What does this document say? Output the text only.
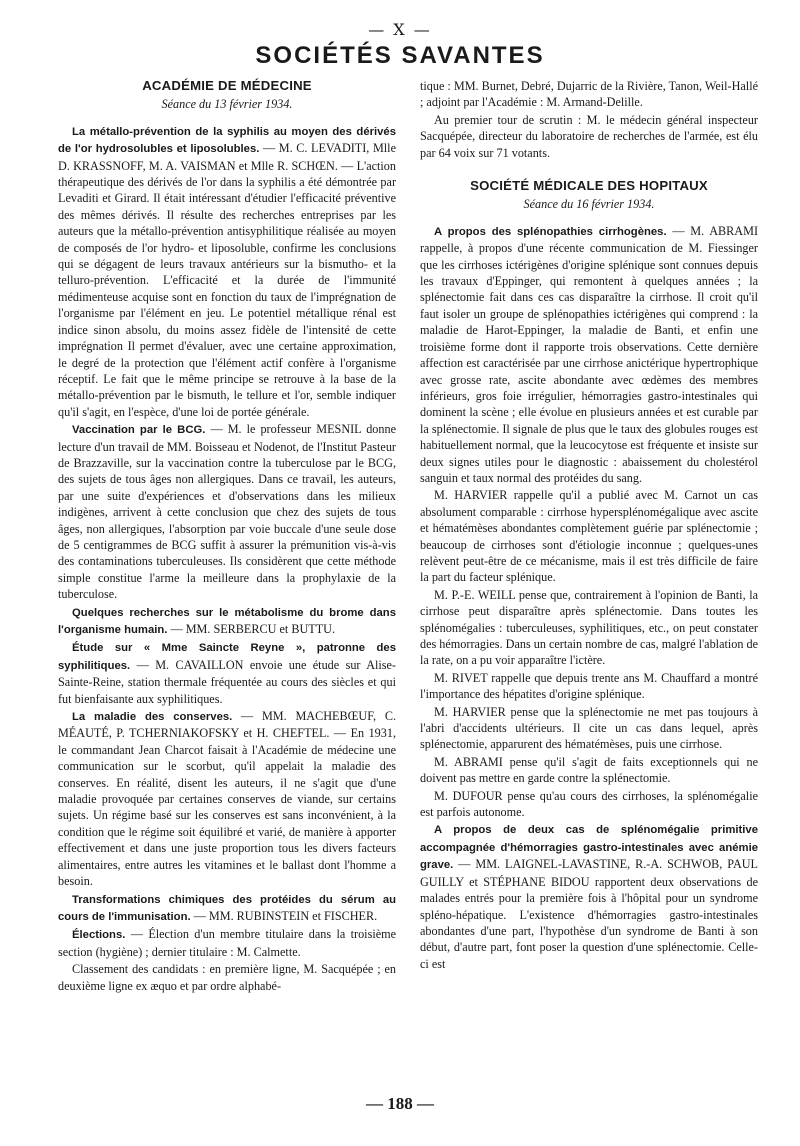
— X —
SOCIÉTÉS SAVANTES
ACADÉMIE DE MÉDECINE
Séance du 13 février 1934.

La métallo-prévention de la syphilis au moyen des dérivés de l'or hydrosolubles et liposolubles. — M. C. LEVADITI, Mlle D. KRASSNOFF, M. A. VAISMAN et Mlle R. SCHŒN. — L'action thérapeutique des dérivés de l'or dans la syphilis a été démontrée par Levaditi et Girard. Il était intéressant d'étudier l'efficacité préventive des mêmes dérivés. Il résulte des recherches entreprises par les auteurs que la métallo-prévention antisyphilitique réalisée au moyen de composés de l'or hydro- et liposoluble, confirme les conclusions qui se dégagent de leurs travaux antérieurs sur la bismutho- et la telluro-prévention. L'efficacité et la durée de l'immunité médimenteuse acquise sont en fonction du taux de l'imprégnation de l'organisme par l'élément en jeu. Le potentiel métallique rénal est indice sinon absolu, du moins assez fidèle de l'intensité de cette imprégnation Il permet d'évaluer, avec une certaine approximation, le degré de la protection que l'élément actif confère à l'organisme réceptif. Le fait que le même principe se retrouve à la base de la métallo-prévention par le bismuth, le tellure et l'or, semble indiquer qu'il s'agit, en l'espèce, d'une loi de portée générale.

Vaccination par le BCG. — M. le professeur MESNIL donne lecture d'un travail de MM. Boisseau et Nodenot, de l'Institut Pasteur de Brazzaville, sur la vaccination contre la tuberculose par le BCG, des sujets de tous âges non allergiques. Dans ce travail, les auteurs, par une suite d'expériences et d'observations dans les milieux indigènes, arrivent à cette conclusion que chez des sujets de tous âges, non allergiques, l'absorption par voie buccale d'une seule dose de 5 centigrammes de BCG suffit à assurer la prémunition vis-à-vis des contaminations tuberculeuses. Ils considèrent que cette méthode simple constitue l'arme la meilleure dans la prophylaxie de la tuberculose.

Quelques recherches sur le métabolisme du brome dans l'organisme humain. — MM. SERBERCU et BUTTU.

Étude sur « Mme Saincte Reyne », patronne des syphilitiques. — M. CAVAILLON envoie une étude sur Alise-Sainte-Reine, station thermale fréquentée au cours des siècles et qui fut bienfaisante aux syphilitiques.

La maladie des conserves. — MM. MACHEBŒUF, C. MÉAUTÉ, P. TCHERNIAKOFSKY et H. CHEFTEL. — En 1931, le commandant Jean Charcot faisait à l'Académie de médecine une communication sur le scorbut, qu'il appelait la maladie des conserves. En réalité, disent les auteurs, il ne s'agit que d'une maladie provoquée par certaines conserves de viande, sur certains sujets. Un régime basé sur les conserves est sans inconvénient, à la condition que le régime soit équilibré et varié, de manière à apporter effectivement et dans une juste proportion tous les divers facteurs alimentaires, entre autres les vitamines et le ballast dont l'homme a besoin.

Transformations chimiques des protéides du sérum au cours de l'immunisation. — MM. RUBINSTEIN et FISCHER.

Élections. — Élection d'un membre titulaire dans la troisième section (hygiène) ; dernier titulaire : M. Calmette.

Classement des candidats : en première ligne, M. Sacquépée ; en deuxième ligne ex æquo et par ordre alphabé-

tique : MM. Burnet, Debré, Dujarric de la Rivière, Tanon, Weil-Hallé ; adjoint par l'Académie : M. Armand-Delille.

Au premier tour de scrutin : M. le médecin général inspecteur Sacquépée, directeur du laboratoire de recherches de l'armée, est élu par 64 voix sur 71 votants.

SOCIÉTÉ MÉDICALE DES HOPITAUX
Séance du 16 février 1934.

A propos des splénopathies cirrhogènes. — M. ABRAMI rappelle, à propos d'une récente communication de M. Fiessinger que les cirrhoses ictérigènes d'origine splénique sont connues depuis les travaux d'Eppinger, qui remontent à quelques années ; la splénectomie fait dans ces cas disparaître la cirrhose. Il croit qu'il faut isoler un groupe de splénopathies ictérigènes qui comprend : la maladie de Harot-Eppinger, la maladie de Banti, et enfin une troisième forme dont il rapporte trois observations. Cette dernière affection est caractérisée par une cirrhose anictérique hypertrophique avec grosse rate, ascite abondante avec œdèmes des membres inférieurs, gros foie irrégulier, hémorragies gastro-intestinales qui dominent la scène ; elle évolue en plusieurs années et est curable par la splénectomie. Il signale de plus que le taux des globules rouges est habituellement normal, que la leucocytose est fréquente et insiste sur deux signes utiles pour le diagnostic : abaissement du cholestérol sanguin et taux normal des protéides du sang.

M. HARVIER rappelle qu'il a publié avec M. Carnot un cas absolument comparable : cirrhose hypersplénomégalique avec ascite et hématémèses abondantes complètement guérie par splénectomie ; beaucoup de cirrhoses sont d'étiologie inconnue ; quelques-unes relèvent peut-être de ce mécanisme, mais il est très difficile de faire la part du facteur splénique.

M. P.-E. WEILL pense que, contrairement à l'opinion de Banti, la cirrhose peut disparaître après splénectomie. Dans toutes les splénomégalies : tuberculeuses, syphilitiques, etc., on peut constater des hémorragies. Dans un certain nombre de cas, malgré l'ablation de la rate, on a pu voir apparaître l'ictère.

M. RIVET rappelle que depuis trente ans M. Chauffard a montré l'importance des hépatites d'origine splénique.

M. HARVIER pense que la splénectomie ne met pas toujours à l'abri d'accidents ultérieurs. Il cite un cas dans lequel, après splénectomie, apparurent des hématémèses, puis une cirrhose.

M. ABRAMI pense qu'il s'agit de faits exceptionnels qui ne doivent pas mettre en garde contre la splénectomie.

M. DUFOUR pense qu'au cours des cirrhoses, la splénomégalie est parfois autonome.

A propos de deux cas de splénomégalie primitive accompagnée d'hémorragies gastro-intestinales avec anémie grave. — MM. LAIGNEL-LAVASTINE, R.-A. SCHWOB, PAUL GUILLY et STÉPHANE BIDOU rapportent deux observations de malades entrés pour la première fois à l'hôpital pour un syndrome spléno-hépatique. L'existence d'hémorragies gastro-intestinales abondantes d'une part, l'hypothèse d'un syndrome de Banti à son début, d'autre part, font poser la question d'une splénectomie. Celle-ci est

— 188 —
